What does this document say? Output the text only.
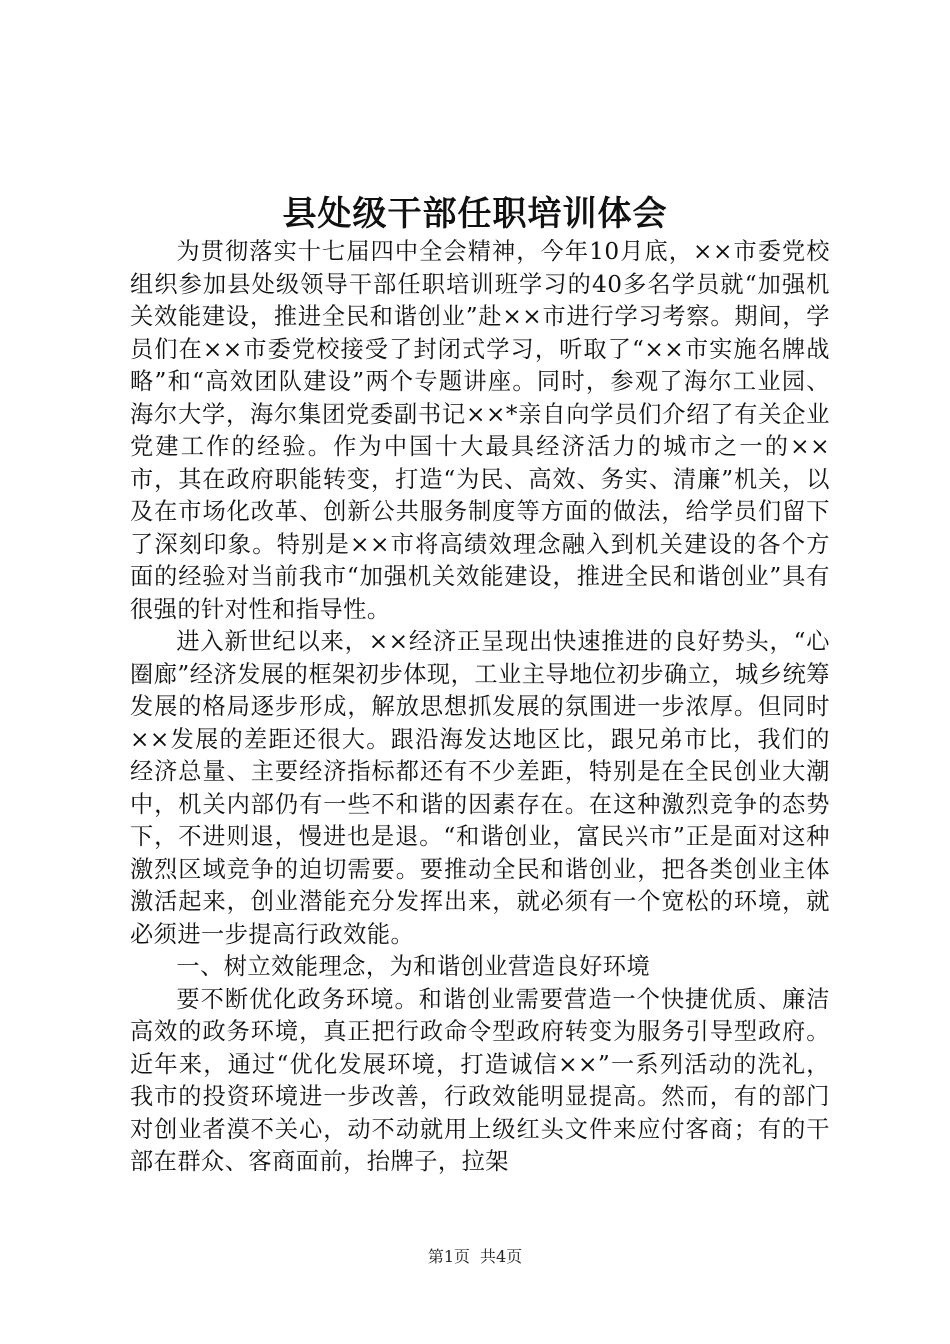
县处级干部任职培训体会

为贯彻落实十七届四中全会精神，今年10月底，××市委党校组织参加县处级领导干部任职培训班学习的40多名学员就“加强机关效能建设，推进全民和谐创业”赴××市进行学习考察。期间，学员们在××市委党校接受了封闭式学习，听取了“××市实施名牌战略”和“高效团队建设”两个专题讲座。同时，参观了海尔工业园、海尔大学，海尔集团党委副书记××*亲自向学员们介绍了有关企业党建工作的经验。作为中国十大最具经济活力的城市之一的××市，其在政府职能转变，打造“为民、高效、务实、清廉”机关，以及在市场化改革、创新公共服务制度等方面的做法，给学员们留下了深刻印象。特别是××市将高绩效理念融入到机关建设的各个方面的经验对当前我市“加强机关效能建设，推进全民和谐创业”具有很强的针对性和指导性。

进入新世纪以来，××经济正呈现出快速推进的良好势头，“心圈廊”经济发展的框架初步体现，工业主导地位初步确立，城乡统筹发展的格局逐步形成，解放思想抓发展的氛围进一步浓厚。但同时××发展的差距还很大。跟沿海发达地区比，跟兄弟市比，我们的经济总量、主要经济指标都还有不少差距，特别是在全民创业大潮中，机关内部仍有一些不和谐的因素存在。在这种激烈竞争的态势下，不进则退，慢进也是退。“和谐创业，富民兴市”正是面对这种激烈区域竞争的迫切需要。要推动全民和谐创业，把各类创业主体激活起来，创业潜能充分发挥出来，就必须有一个宽松的环境，就必须进一步提高行政效能。

一、树立效能理念，为和谐创业营造良好环境

要不断优化政务环境。和谐创业需要营造一个快捷优质、廉洁高效的政务环境，真正把行政命令型政府转变为服务引导型政府。近年来，通过“优化发展环境，打造诚信××”一系列活动的洗礼，我市的投资环境进一步改善，行政效能明显提高。然而，有的部门对创业者漠不关心，动不动就用上级红头文件来应付客商；有的干部在群众、客商面前，抬牌子，拉架

第1页 共4页
